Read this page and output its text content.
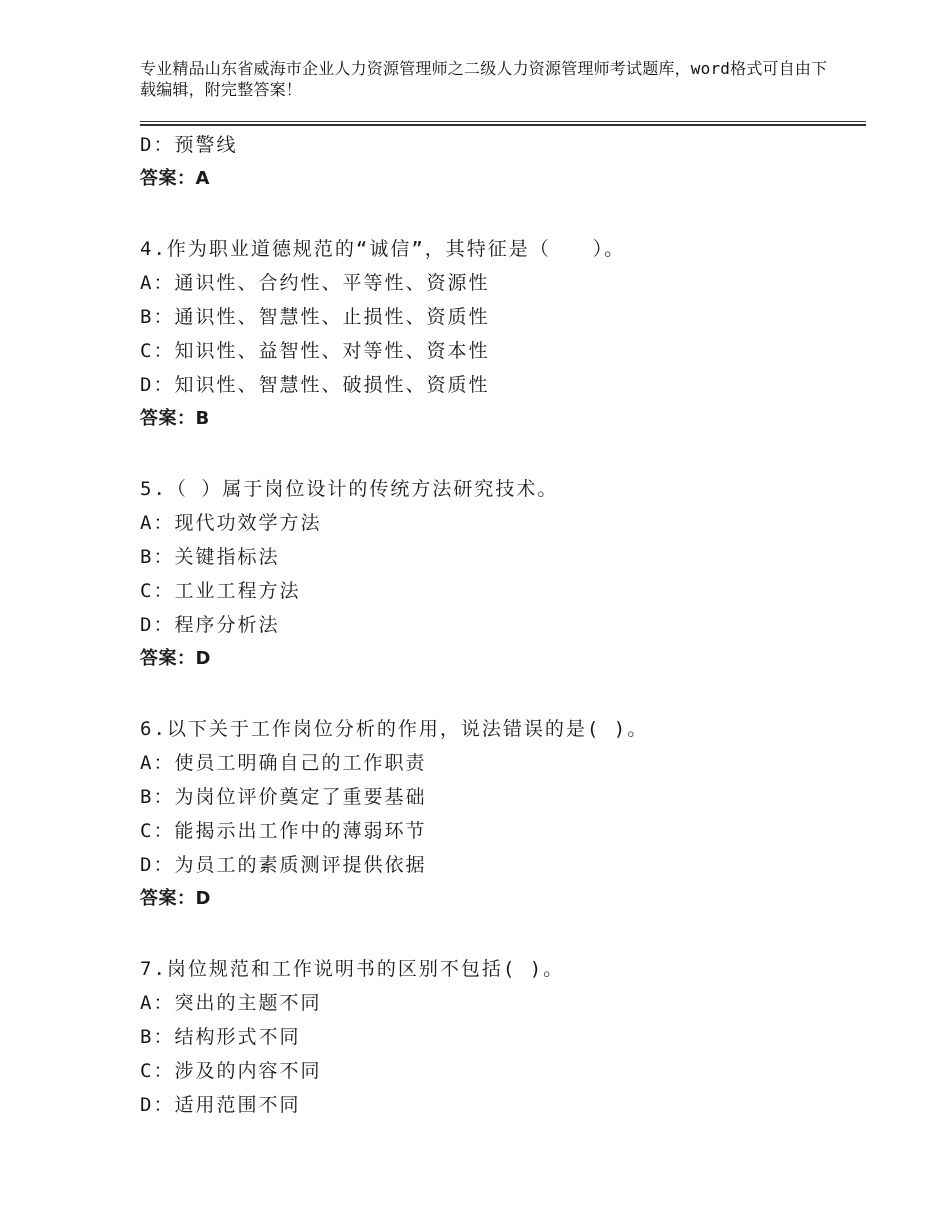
专业精品山东省威海市企业人力资源管理师之二级人力资源管理师考试题库，word格式可自由下载编辑，附完整答案！
D：预警线
答案：A
4.作为职业道德规范的“诚信”，其特征是（　　）。
A：通识性、合约性、平等性、资源性
B：通识性、智慧性、止损性、资质性
C：知识性、益智性、对等性、资本性
D：知识性、智慧性、破损性、资质性
答案：B
5.（ ）属于岗位设计的传统方法研究技术。
A：现代功效学方法
B：关键指标法
C：工业工程方法
D：程序分析法
答案：D
6.以下关于工作岗位分析的作用，说法错误的是( )。
A：使员工明确自己的工作职责
B：为岗位评价奠定了重要基础
C：能揭示出工作中的薄弱环节
D：为员工的素质测评提供依据
答案：D
7.岗位规范和工作说明书的区别不包括( )。
A：突出的主题不同
B：结构形式不同
C：涉及的内容不同
D：适用范围不同
